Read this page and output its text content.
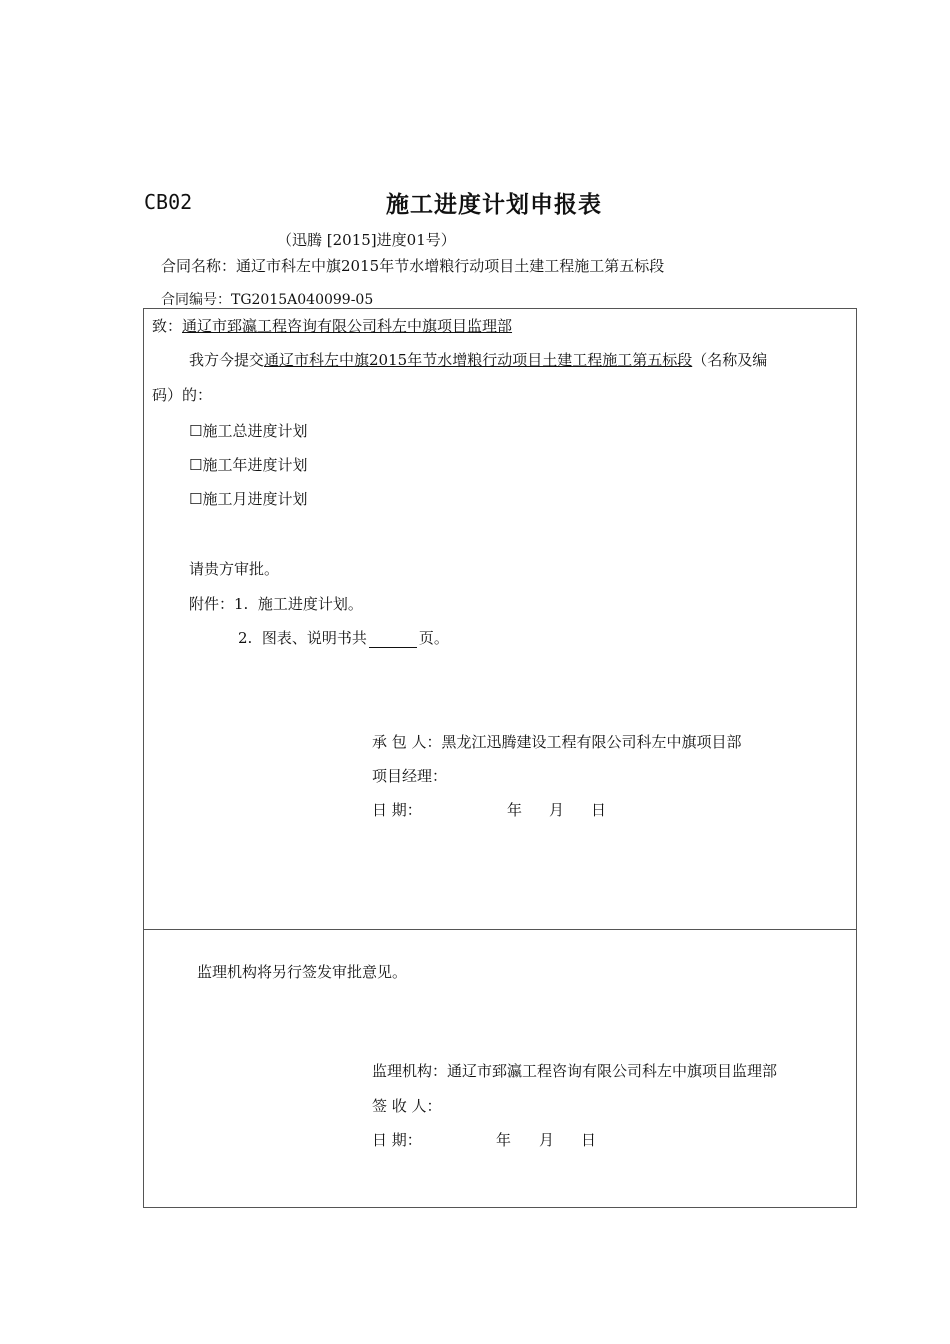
CB02	施工进度计划申报表
（迅腾 [2015]进度01号）
合同名称：通辽市科左中旗2015年节水增粮行动项目土建工程施工第五标段
合同编号：TG2015A040099-05
致：通辽市郅瀛工程咨询有限公司科左中旗项目监理部
我方今提交通辽市科左中旗2015年节水增粮行动项目土建工程施工第五标段（名称及编
码）的：
☐施工总进度计划
☐施工年进度计划
☐施工月进度计划
请贵方审批。
附件：1. 施工进度计划。
2. 图表、说明书共	页。
承 包 人：黑龙江迅腾建设工程有限公司科左中旗项目部
项目经理：
日 期：	年 月 日
监理机构将另行签发审批意见。
监理机构：通辽市郅瀛工程咨询有限公司科左中旗项目监理部
签 收 人：
日 期：	年 月 日
